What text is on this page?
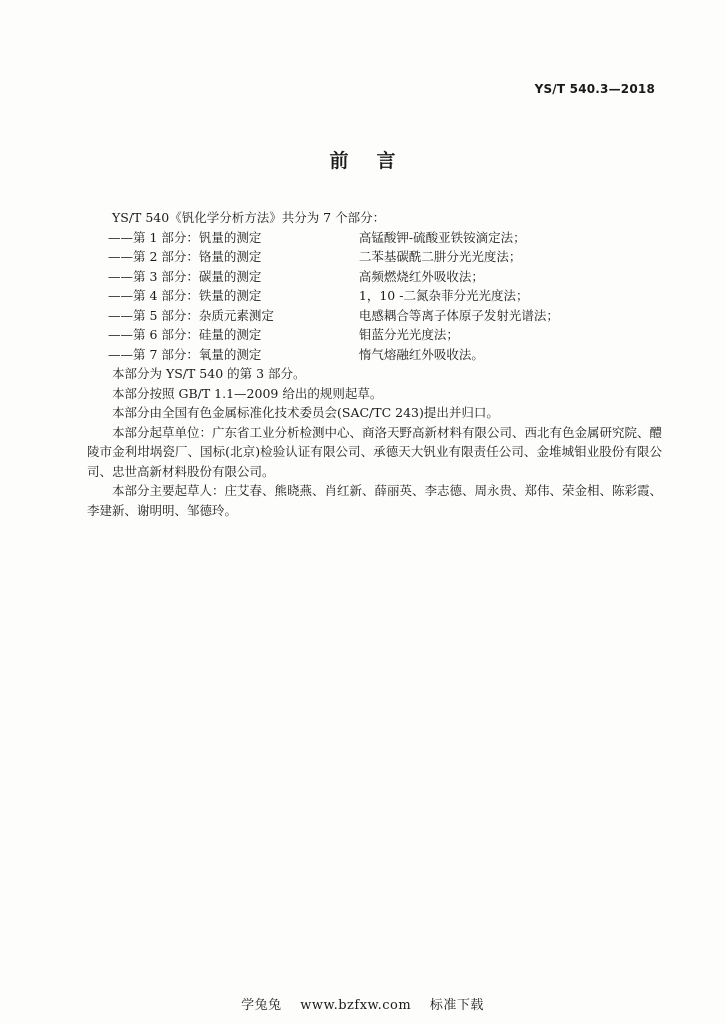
YS/T 540.3—2018
前言

YS/T 540《钒化学分析方法》共分为 7 个部分：

——第 1 部分：钒量的测定	高锰酸钾-硫酸亚铁铵滴定法；

——第 2 部分：铬量的测定	二苯基碳酰二肼分光光度法；

——第 3 部分：碳量的测定	高频燃烧红外吸收法；

——第 4 部分：铁量的测定	1，10 -二氮杂菲分光光度法；

——第 5 部分：杂质元素测定	电感耦合等离子体原子发射光谱法；

——第 6 部分：硅量的测定	钼蓝分光光度法；

——第 7 部分：氧量的测定	惰气熔融红外吸收法。

本部分为 YS/T 540 的第 3 部分。

本部分按照 GB/T 1.1—2009 给出的规则起草。

本部分由全国有色金属标准化技术委员会(SAC/TC 243)提出并归口。

本部分起草单位：广东省工业分析检测中心、商洛天野高新材料有限公司、西北有色金属研究院、醴陵市金利坩埚瓷厂、国标(北京)检验认证有限公司、承德天大钒业有限责任公司、金堆城钼业股份有限公司、忠世高新材料股份有限公司。

本部分主要起草人：庄艾春、熊晓燕、肖红新、薛丽英、李志德、周永贵、郑伟、荣金相、陈彩霞、李建新、谢明明、邹德玲。

学兔兔 www.bzfxw.com 标准下载
